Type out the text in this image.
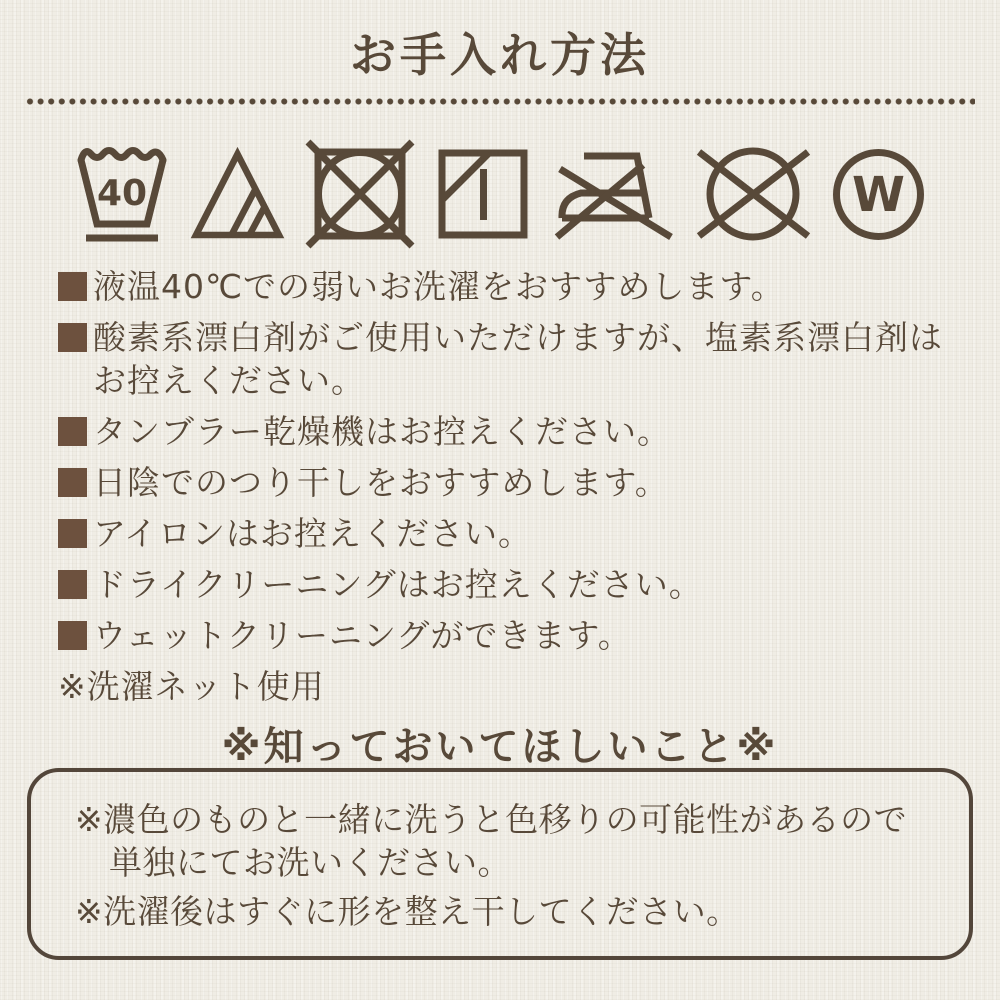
お手入れ方法
40	W
液温40℃での弱いお洗濯をおすすめします。
酸素系漂白剤がご使用いただけますが、塩素系漂白剤はお控えください。
タンブラー乾燥機はお控えください。
日陰でのつり干しをおすすめします。
アイロンはお控えください。
ドライクリーニングはお控えください。
ウェットクリーニングができます。
※ 洗濯ネット使用
※知っておいてほしいこと※
※濃色のものと一緒に洗うと色移りの可能性があるので単独にてお洗いください。
※洗濯後はすぐに形を整え干してください。
